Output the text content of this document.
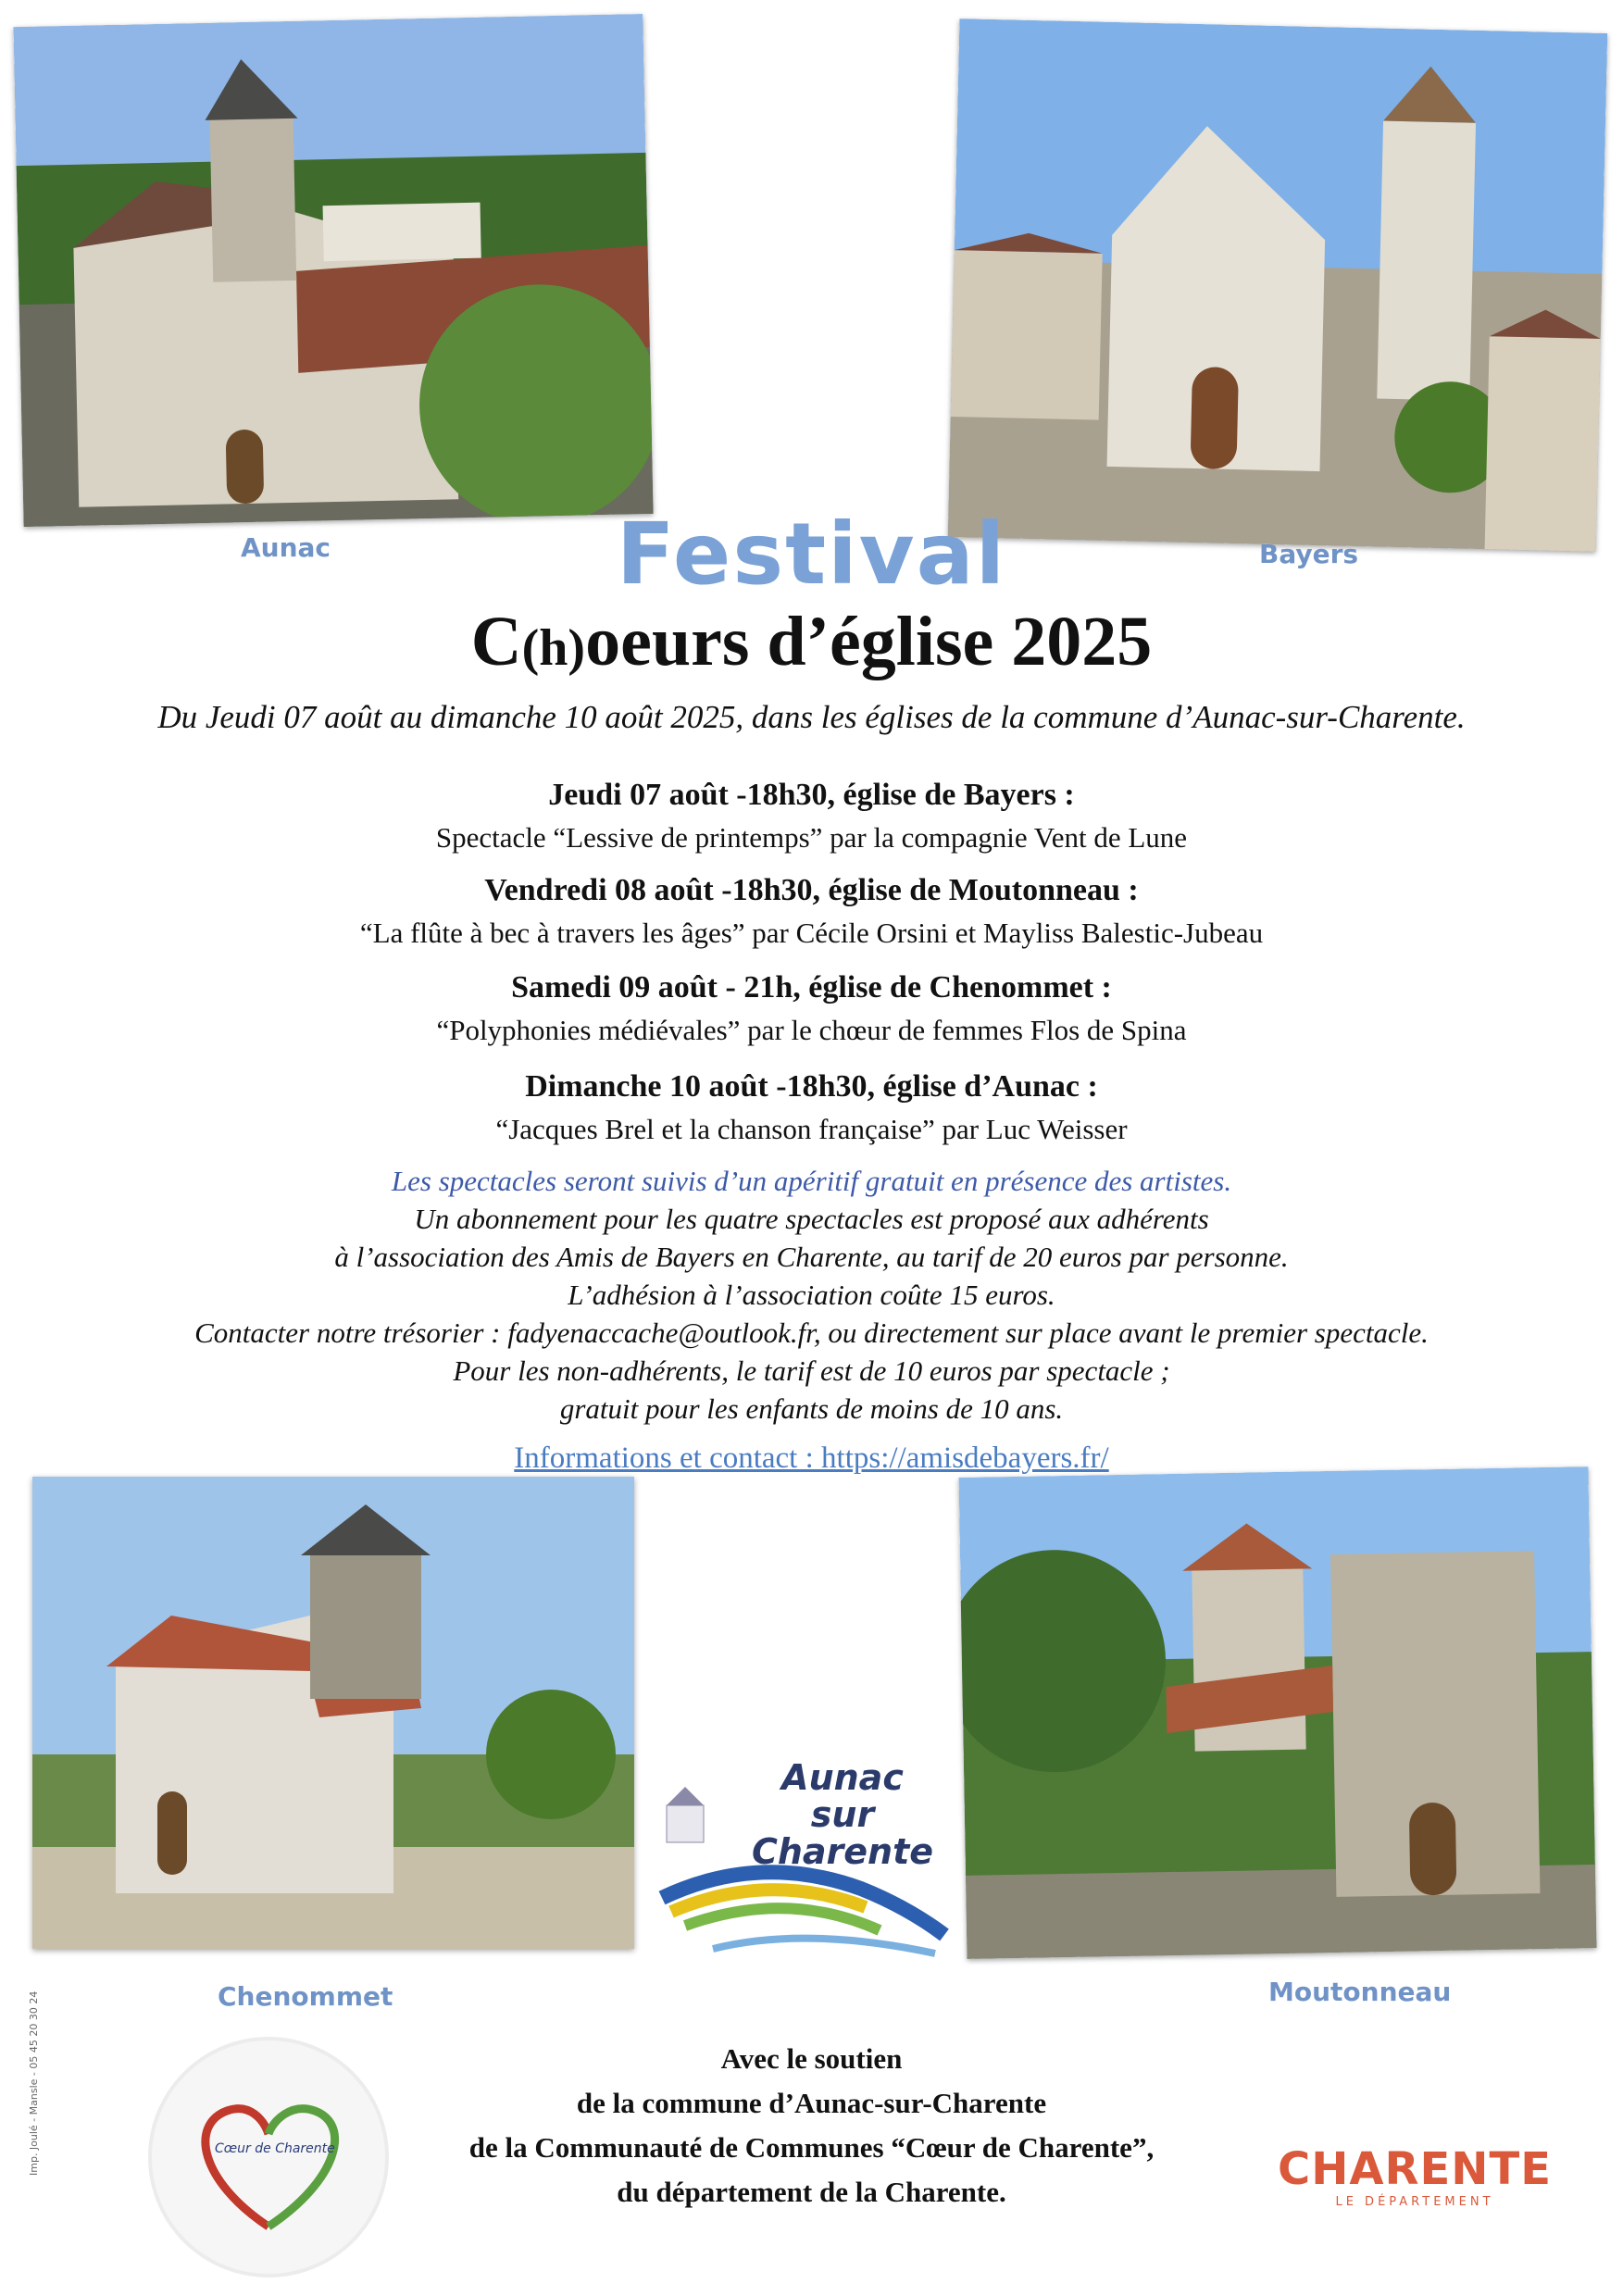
Aunac	Bayers
Festival
C(h)oeurs d’église 2025
Du Jeudi 07 août au dimanche 10 août 2025, dans les églises de la commune d’Aunac-sur-Charente.
Jeudi 07 août -18h30, église de Bayers :
Spectacle “Lessive de printemps” par la compagnie Vent de Lune
Vendredi 08 août -18h30, église de Moutonneau :
“La flûte à bec à travers les âges” par Cécile Orsini et Mayliss Balestic-Jubeau
Samedi 09 août - 21h, église de Chenommet :
“Polyphonies médiévales” par le chœur de femmes Flos de Spina
Dimanche 10 août -18h30, église d’Aunac :
“Jacques Brel et la chanson française” par Luc Weisser
Les spectacles seront suivis d’un apéritif gratuit en présence des artistes.
Un abonnement pour les quatre spectacles est proposé aux adhérents
à l’association des Amis de Bayers en Charente, au tarif de 20 euros par personne.
L’adhésion à l’association coûte 15 euros.
Contacter notre trésorier : fadyenaccache@outlook.fr, ou directement sur place avant le premier spectacle.
Pour les non-adhérents, le tarif est de 10 euros par spectacle ;
gratuit pour les enfants de moins de 10 ans.
Informations et contact : https://amisdebayers.fr/
Chenommet
Aunac
sur
Charente
Moutonneau
Cœur de Charente
Avec le soutien
de la commune d’Aunac-sur-Charente
de la Communauté de Communes “Cœur de Charente”,
du département de la Charente.	CHARENTE
LE DÉPARTEMENT
Imp. Joulé - Mansle - 05 45 20 30 24
